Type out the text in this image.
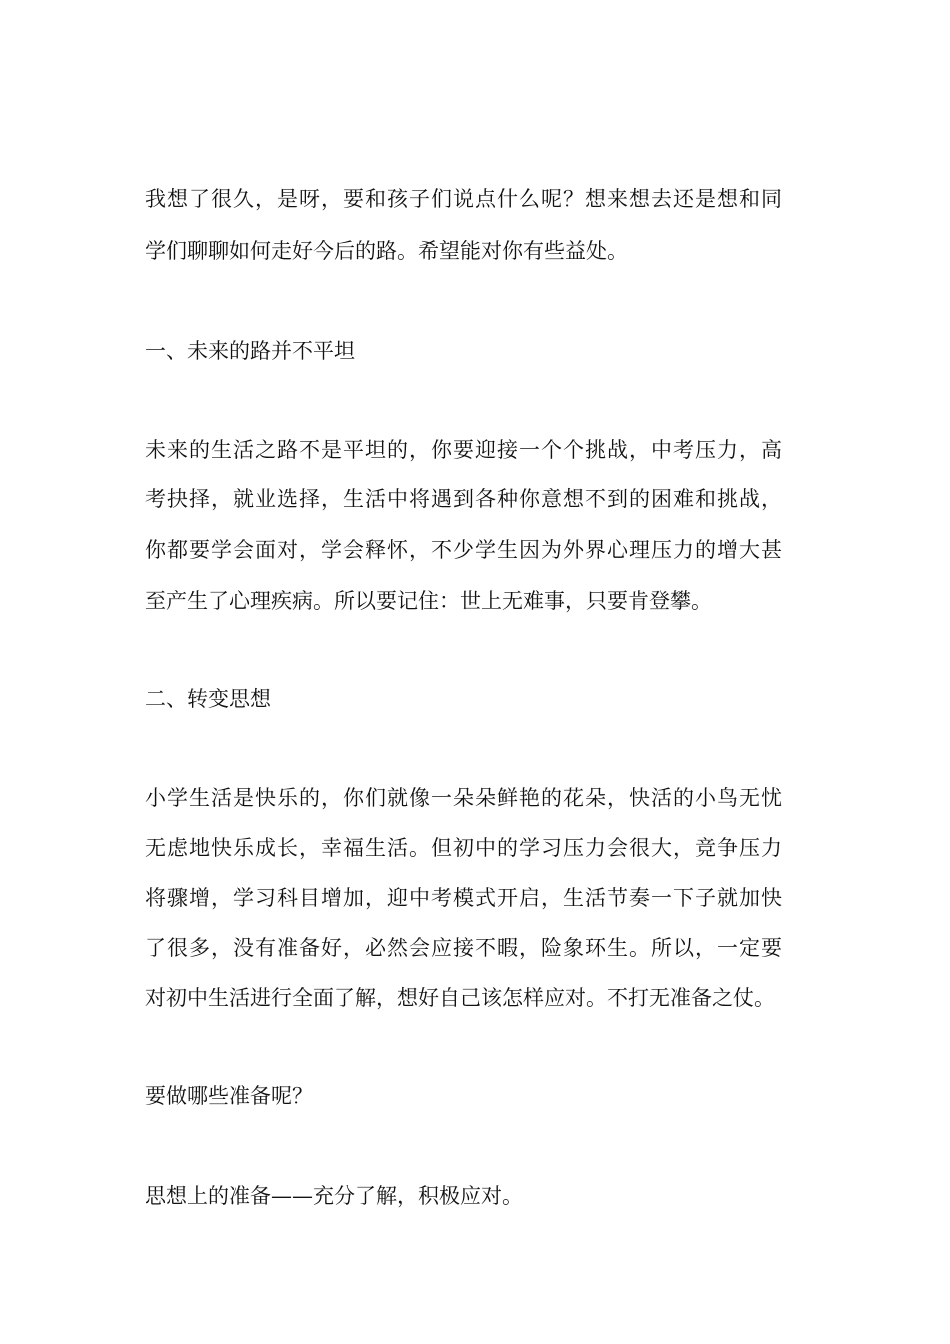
我想了很久，是呀，要和孩子们说点什么呢？想来想去还是想和同
学们聊聊如何走好今后的路。希望能对你有些益处。
一、未来的路并不平坦
未来的生活之路不是平坦的，你要迎接一个个挑战，中考压力，高
考抉择，就业选择，生活中将遇到各种你意想不到的困难和挑战，
你都要学会面对，学会释怀，不少学生因为外界心理压力的增大甚
至产生了心理疾病。所以要记住：世上无难事，只要肯登攀。
二、转变思想
小学生活是快乐的，你们就像一朵朵鲜艳的花朵，快活的小鸟无忧
无虑地快乐成长，幸福生活。但初中的学习压力会很大，竞争压力
将骤增，学习科目增加，迎中考模式开启，生活节奏一下子就加快
了很多，没有准备好，必然会应接不暇，险象环生。所以，一定要
对初中生活进行全面了解，想好自己该怎样应对。不打无准备之仗。
要做哪些准备呢？
思想上的准备——充分了解，积极应对。
